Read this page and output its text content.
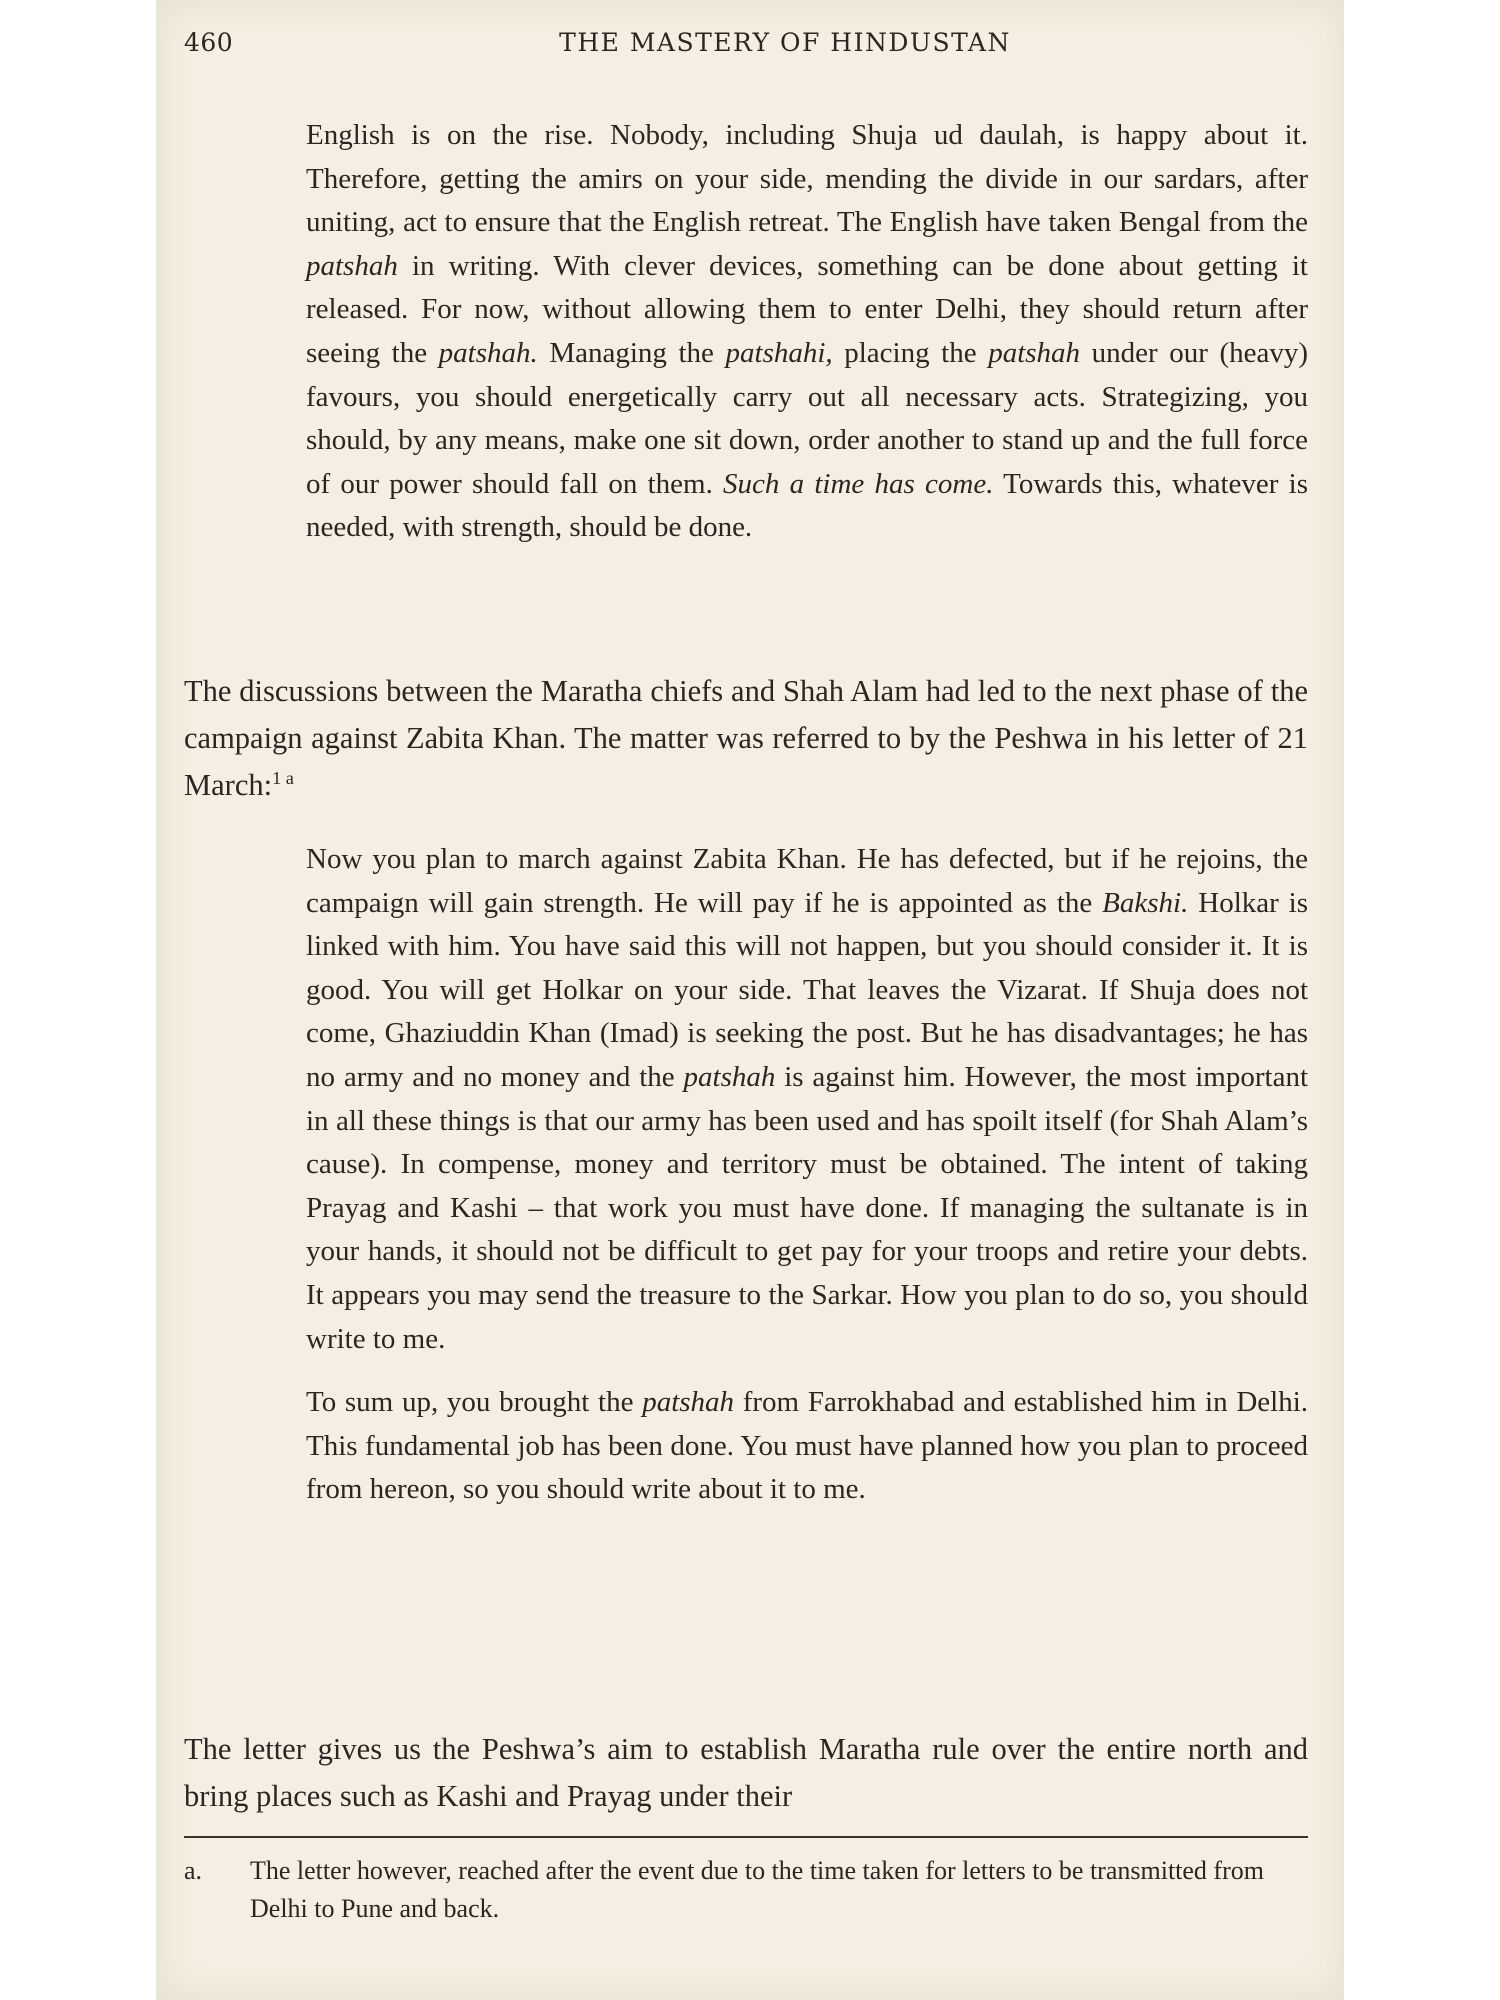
460	THE MASTERY OF HINDUSTAN

English is on the rise. Nobody, including Shuja ud daulah, is happy about it. Therefore, getting the amirs on your side, mending the divide in our sardars, after uniting, act to ensure that the English retreat. The English have taken Bengal from the patshah in writing. With clever devices, something can be done about getting it released. For now, without allowing them to enter Delhi, they should return after seeing the patshah. Managing the patshahi, placing the patshah under our (heavy) favours, you should energetically carry out all necessary acts. Strategizing, you should, by any means, make one sit down, order another to stand up and the full force of our power should fall on them. Such a time has come. Towards this, whatever is needed, with strength, should be done.

The discussions between the Maratha chiefs and Shah Alam had led to the next phase of the campaign against Zabita Khan. The matter was referred to by the Peshwa in his letter of 21 March:$^{1 a}$

Now you plan to march against Zabita Khan. He has defected, but if he rejoins, the campaign will gain strength. He will pay if he is appointed as the Bakshi. Holkar is linked with him. You have said this will not happen, but you should consider it. It is good. You will get Holkar on your side. That leaves the Vizarat. If Shuja does not come, Ghaziuddin Khan (Imad) is seeking the post. But he has disadvantages; he has no army and no money and the patshah is against him. However, the most important in all these things is that our army has been used and has spoilt itself (for Shah Alam’s cause). In compense, money and territory must be obtained. The intent of taking Prayag and Kashi – that work you must have done. If managing the sultanate is in your hands, it should not be difficult to get pay for your troops and retire your debts. It appears you may send the treasure to the Sarkar. How you plan to do so, you should write to me.

To sum up, you brought the patshah from Farrokhabad and established him in Delhi. This fundamental job has been done. You must have planned how you plan to proceed from hereon, so you should write about it to me.

The letter gives us the Peshwa’s aim to establish Maratha rule over the entire north and bring places such as Kashi and Prayag under their

a. The letter however, reached after the event due to the time taken for letters to be transmitted from Delhi to Pune and back.
